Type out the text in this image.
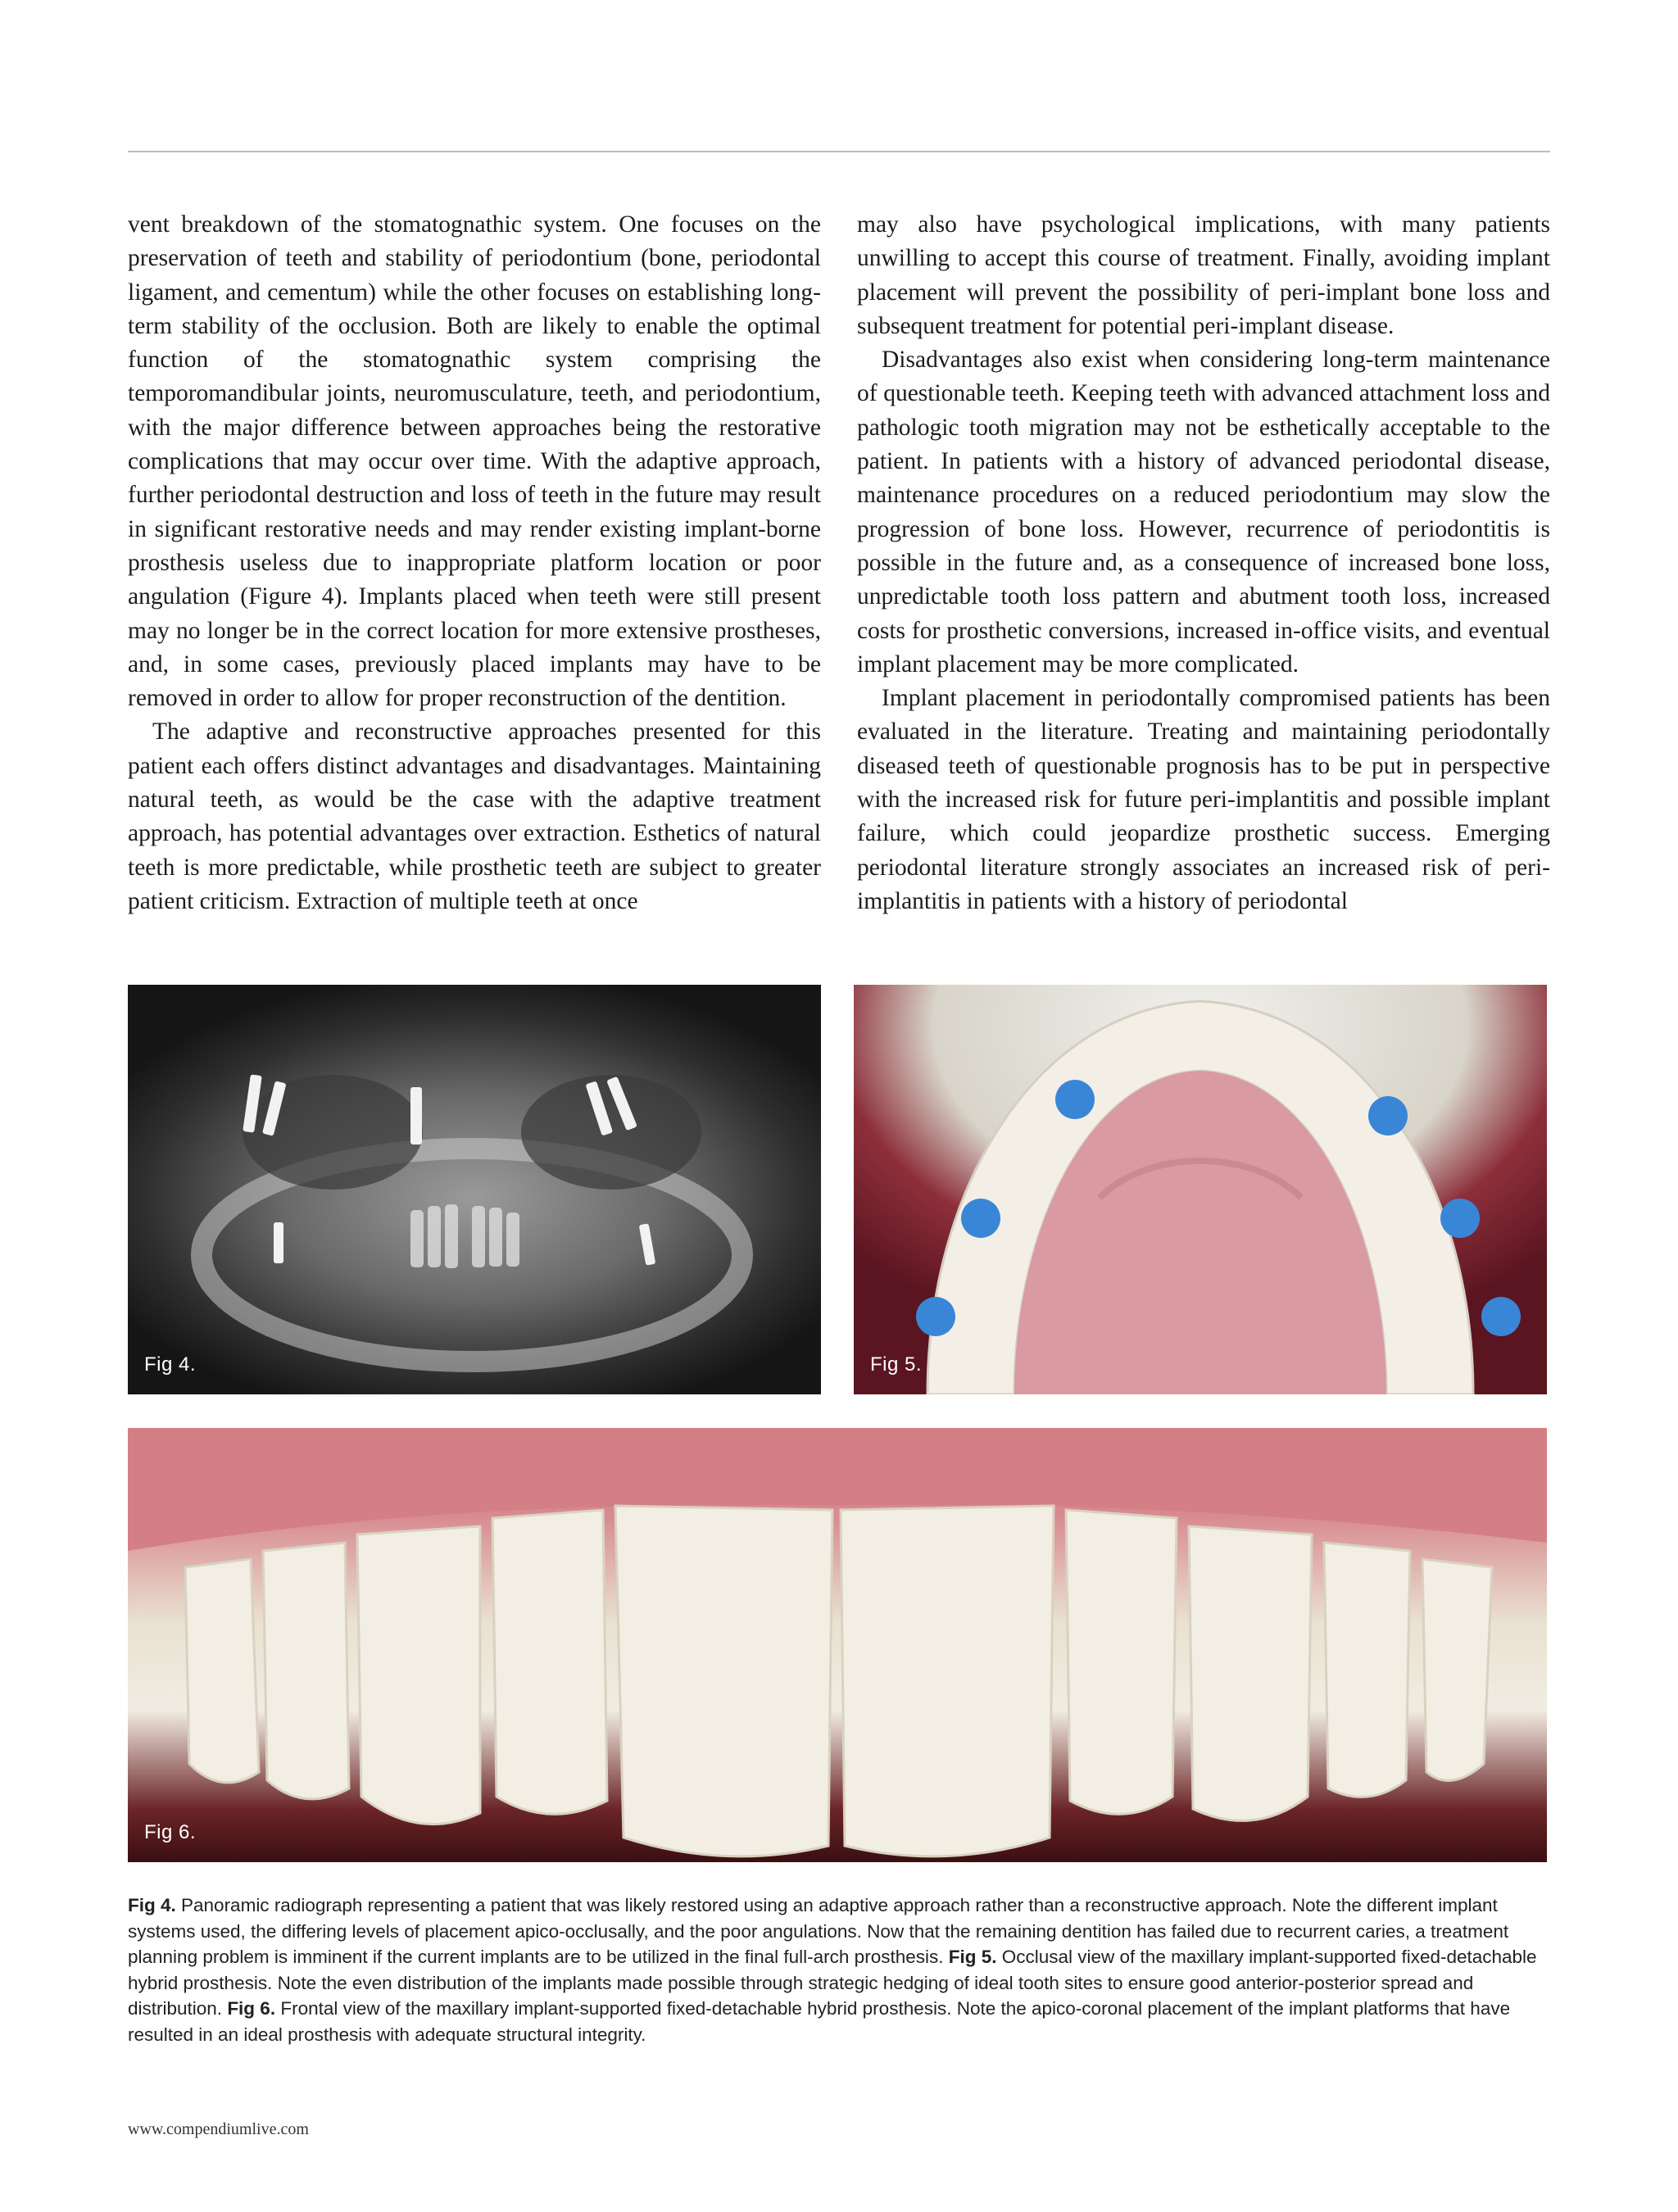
vent breakdown of the stomatognathic system. One focuses on the preservation of teeth and stability of periodontium (bone, periodontal ligament, and cementum) while the other focuses on establishing long-term stability of the occlusion. Both are likely to enable the optimal function of the stomatognathic system comprising the temporomandibular joints, neuromusculature, teeth, and periodontium, with the major difference between approaches being the restorative complications that may occur over time. With the adaptive approach, further periodontal destruction and loss of teeth in the future may result in significant restorative needs and may render existing implant-borne prosthesis useless due to inappropriate platform location or poor angulation (Figure 4). Implants placed when teeth were still present may no longer be in the correct location for more extensive prostheses, and, in some cases, previously placed implants may have to be removed in order to allow for proper reconstruction of the dentition.

The adaptive and reconstructive approaches presented for this patient each offers distinct advantages and disadvantages. Maintaining natural teeth, as would be the case with the adaptive treatment approach, has potential advantages over extraction. Esthetics of natural teeth is more predictable, while prosthetic teeth are subject to greater patient criticism. Extraction of multiple teeth at once

may also have psychological implications, with many patients unwilling to accept this course of treatment. Finally, avoiding implant placement will prevent the possibility of peri-implant bone loss and subsequent treatment for potential peri-implant disease.

Disadvantages also exist when considering long-term maintenance of questionable teeth. Keeping teeth with advanced attachment loss and pathologic tooth migration may not be esthetically acceptable to the patient. In patients with a history of advanced periodontal disease, maintenance procedures on a reduced periodontium may slow the progression of bone loss. However, recurrence of periodontitis is possible in the future and, as a consequence of increased bone loss, unpredictable tooth loss pattern and abutment tooth loss, increased costs for prosthetic conversions, increased in-office visits, and eventual implant placement may be more complicated.

Implant placement in periodontally compromised patients has been evaluated in the literature. Treating and maintaining periodontally diseased teeth of questionable prognosis has to be put in perspective with the increased risk for future peri-implantitis and possible implant failure, which could jeopardize prosthetic success. Emerging periodontal literature strongly associates an increased risk of peri-implantitis in patients with a history of periodontal

Fig 4.	Fig 5.
Fig 6.
Fig 4. Panoramic radiograph representing a patient that was likely restored using an adaptive approach rather than a reconstructive approach. Note the different implant systems used, the differing levels of placement apico-occlusally, and the poor angulations. Now that the remaining dentition has failed due to recurrent caries, a treatment planning problem is imminent if the current implants are to be utilized in the final full-arch prosthesis. Fig 5. Occlusal view of the maxillary implant-supported fixed-detachable hybrid prosthesis. Note the even distribution of the implants made possible through strategic hedging of ideal tooth sites to ensure good anterior-posterior spread and distribution. Fig 6. Frontal view of the maxillary implant-supported fixed-detachable hybrid prosthesis. Note the apico-coronal placement of the implant platforms that have resulted in an ideal prosthesis with adequate structural integrity.
www.compendiumlive.com
